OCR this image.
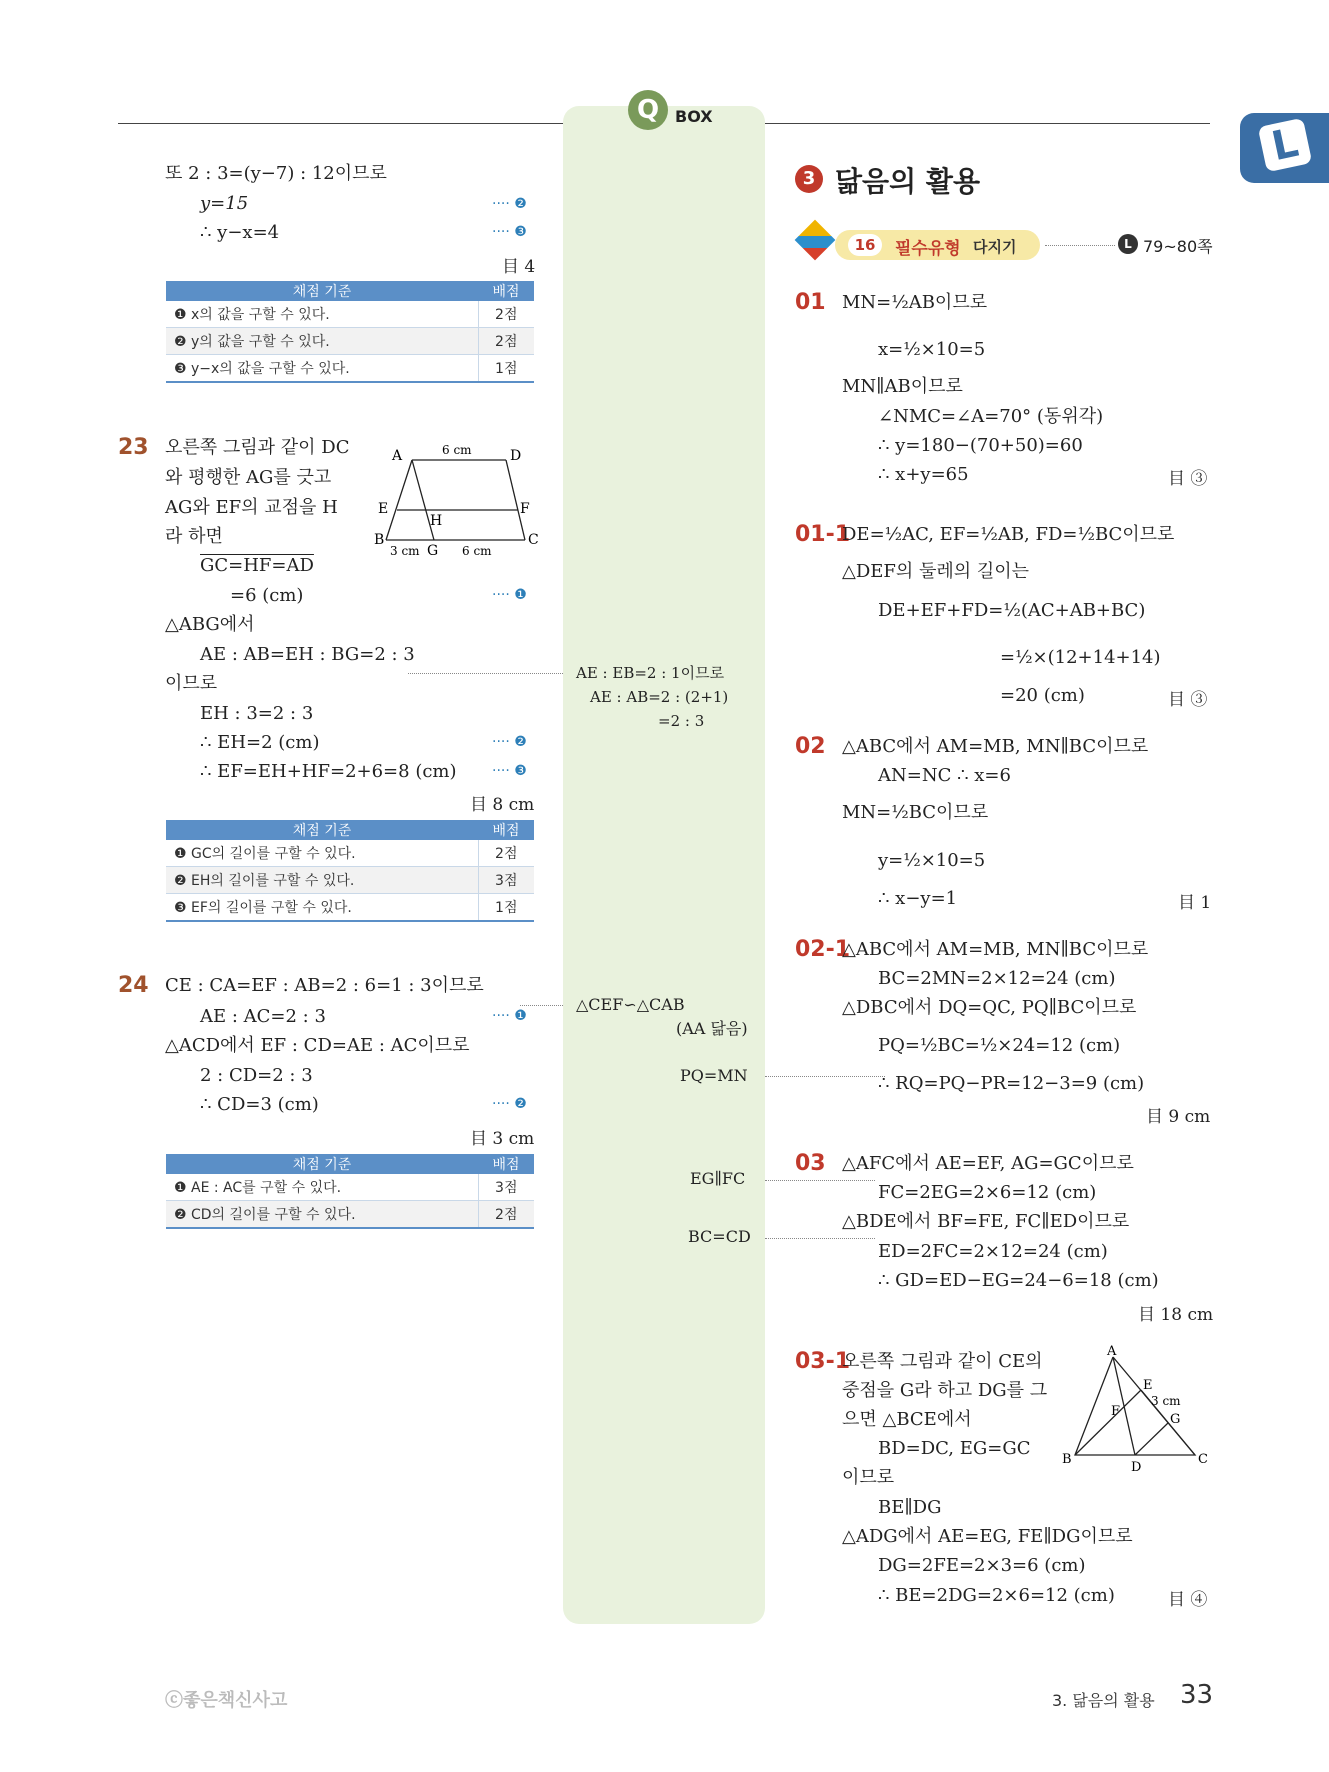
L
Q BOX
또 2 : 3=(y−7) : 12이므로
y=15
∴ y−x=4
···· ❷
···· ❸
目 4
채점 기준	배점
❶ x의 값을 구할 수 있다.	2점
❷ y의 값을 구할 수 있다.	2점
❸ y−x의 값을 구할 수 있다.	1점
23 오른쪽 그림과 같이 DC
와 평행한 AG를 긋고
AG와 EF의 교점을 H
라 하면
GC=HF=AD
=6 (cm)	···· ❶
△ABG에서
AE : AB=EH : BG=2 : 3
이므로
EH : 3=2 : 3
∴ EH=2 (cm)	···· ❷
∴ EF=EH+HF=2+6=8 (cm)	···· ❸
目 8 cm
A	D
E	F
H
B	C
G
6 cm
3 cm	6 cm
채점 기준	배점
❶ GC의 길이를 구할 수 있다.	2점
❷ EH의 길이를 구할 수 있다.	3점
❸ EF의 길이를 구할 수 있다.	1점
24 CE : CA=EF : AB=2 : 6=1 : 3이므로
AE : AC=2 : 3	···· ❶
△ACD에서 EF : CD=AE : AC이므로
2 : CD=2 : 3
∴ CD=3 (cm)	···· ❷
目 3 cm
채점 기준	배점
❶ AE : AC를 구할 수 있다.	3점
❷ CD의 길이를 구할 수 있다.	2점
AE : EB=2 : 1이므로
AE : AB=2 : (2+1)
=2 : 3
△CEF∽△CAB
(AA 닮음)
PQ=MN
EG∥FC
BC=CD
3 닮음의 활용
16	필수유형 다지기	L 79~80쪽
01 MN=½AB이므로
x=½×10=5
MN∥AB이므로
∠NMC=∠A=70° (동위각)
∴ y=180−(70+50)=60
∴ x+y=65	目 ③
01-1
DE=½AC, EF=½AB, FD=½BC이므로
△DEF의 둘레의 길이는
DE+EF+FD=½(AC+AB+BC)
=½×(12+14+14)
=20 (cm)	目 ③
02 △ABC에서 AM=MB, MN∥BC이므로
AN=NC ∴ x=6
MN=½BC이므로
y=½×10=5
∴ x−y=1	目 1
02-1
△ABC에서 AM=MB, MN∥BC이므로
BC=2MN=2×12=24 (cm)
△DBC에서 DQ=QC, PQ∥BC이므로
PQ=½BC=½×24=12 (cm)
∴ RQ=PQ−PR=12−3=9 (cm)
目 9 cm
03 △AFC에서 AE=EF, AG=GC이므로
FC=2EG=2×6=12 (cm)
△BDE에서 BF=FE, FC∥ED이므로
ED=2FC=2×12=24 (cm)
∴ GD=ED−EG=24−6=18 (cm)
目 18 cm
03-1
오른쪽 그림과 같이 CE의
중점을 G라 하고 DG를 그
으면 △BCE에서
BD=DC, EG=GC
이므로
BE∥DG
△ADG에서 AE=EG, FE∥DG이므로
DG=2FE=2×3=6 (cm)
∴ BE=2DG=2×6=12 (cm)	目 ④
A
B	C
D
E
F
G
3 cm
ⓒ좋은책신사고	3. 닮음의 활용 33
